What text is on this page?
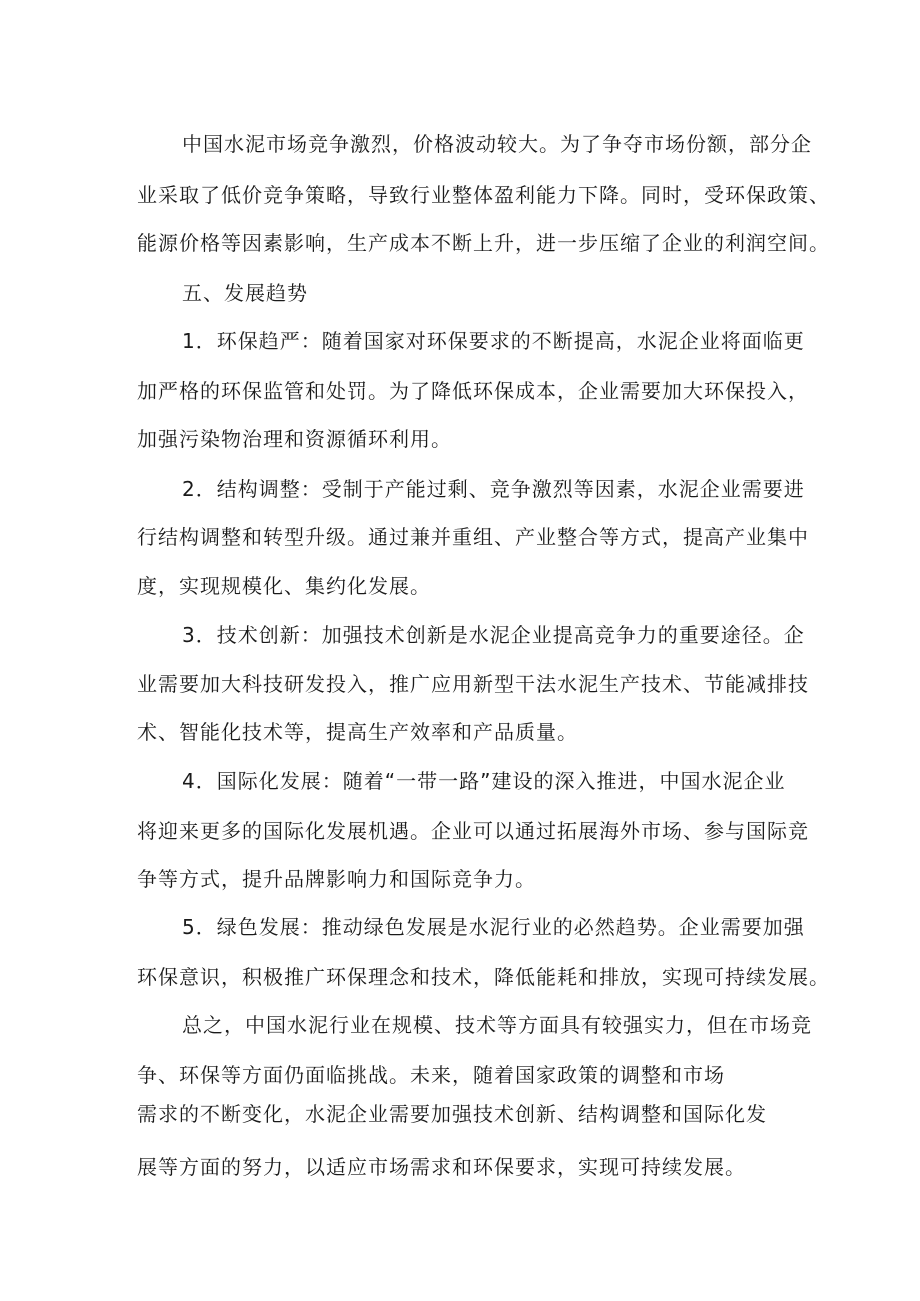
中国水泥市场竞争激烈，价格波动较大。为了争夺市场份额，部分企
业采取了低价竞争策略，导致行业整体盈利能力下降。同时，受环保政策、
能源价格等因素影响，生产成本不断上升，进一步压缩了企业的利润空间。
五、发展趋势
1．环保趋严：随着国家对环保要求的不断提高，水泥企业将面临更
加严格的环保监管和处罚。为了降低环保成本，企业需要加大环保投入，
加强污染物治理和资源循环利用。
2．结构调整：受制于产能过剩、竞争激烈等因素，水泥企业需要进
行结构调整和转型升级。通过兼并重组、产业整合等方式，提高产业集中
度，实现规模化、集约化发展。
3．技术创新：加强技术创新是水泥企业提高竞争力的重要途径。企
业需要加大科技研发投入，推广应用新型干法水泥生产技术、节能减排技
术、智能化技术等，提高生产效率和产品质量。
4．国际化发展：随着“一带一路”建设的深入推进，中国水泥企业
将迎来更多的国际化发展机遇。企业可以通过拓展海外市场、参与国际竞
争等方式，提升品牌影响力和国际竞争力。
5．绿色发展：推动绿色发展是水泥行业的必然趋势。企业需要加强
环保意识，积极推广环保理念和技术，降低能耗和排放，实现可持续发展。
总之，中国水泥行业在规模、技术等方面具有较强实力，但在市场竞
争、环保等方面仍面临挑战。未来，随着国家政策的调整和市场
需求的不断变化，水泥企业需要加强技术创新、结构调整和国际化发
展等方面的努力，以适应市场需求和环保要求，实现可持续发展。
